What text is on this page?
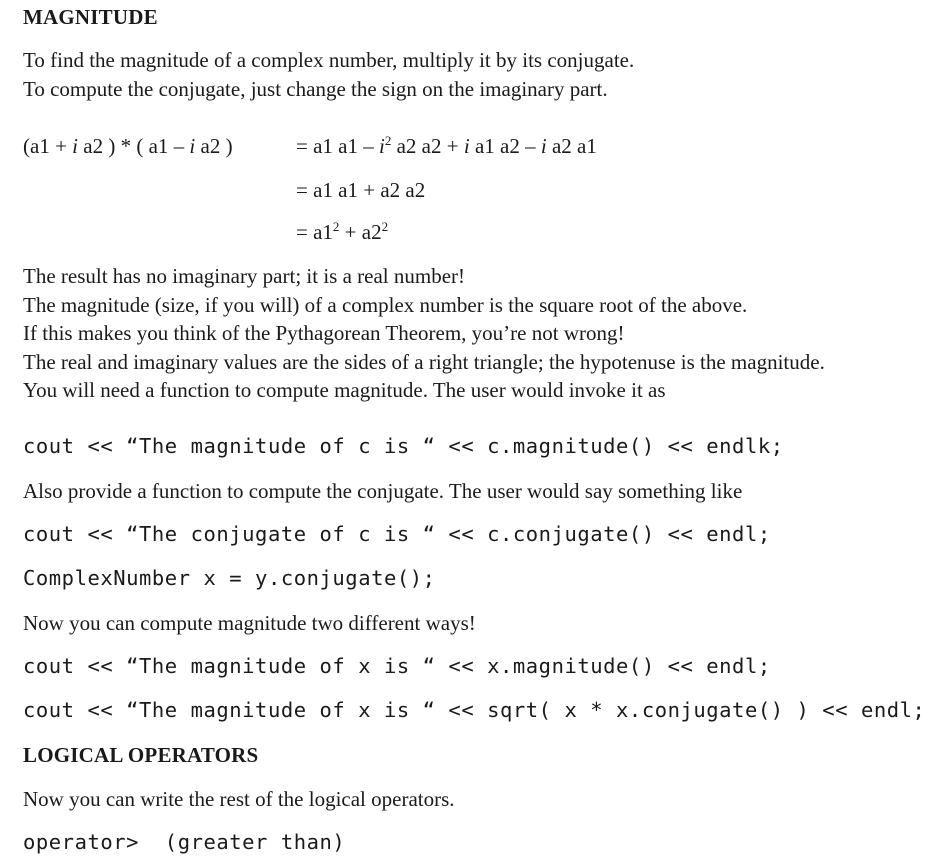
MAGNITUDE
To find the magnitude of a complex number, multiply it by its conjugate.
To compute the conjugate, just change the sign on the imaginary part.
(a1 + i a2 ) * ( a1 – i a2 )	= a1 $a1 - i^2$ a2 a2 + i a1 a2 – i a2 a1
= a1 a1 + a2 a2
= $a1^2 + a2^2$
The result has no imaginary part; it is a real number!
The magnitude (size, if you will) of a complex number is the square root of the above.
If this makes you think of the Pythagorean Theorem, you’re not wrong!
The real and imaginary values are the sides of a right triangle; the hypotenuse is the magnitude.
You will need a function to compute magnitude. The user would invoke it as
cout << “The magnitude of c is “ << c.magnitude() << endlk;
Also provide a function to compute the conjugate. The user would say something like
cout << “The conjugate of c is “ << c.conjugate() << endl;
ComplexNumber x = y.conjugate();
Now you can compute magnitude two different ways!
cout << “The magnitude of x is “ << x.magnitude() << endl;
cout << “The magnitude of x is “ << sqrt( x * x.conjugate() ) << endl;
LOGICAL OPERATORS
Now you can write the rest of the logical operators.
operator>  (greater than)
